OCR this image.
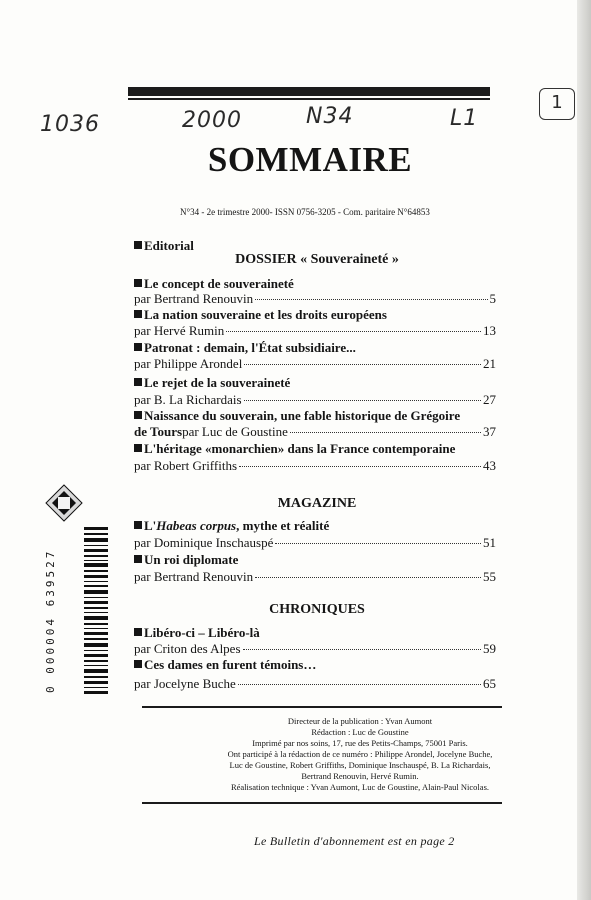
1036	2000	N34	L1
1
SOMMAIRE
N°34 - 2e trimestre 2000- ISSN 0756-3205 - Com. paritaire N°64853
Editorial
DOSSIER « Souveraineté »
Le concept de souveraineté
par Bertrand Renouvin	5
La nation souveraine et les droits européens
par Hervé Rumin	13
Patronat : demain, l'État subsidiaire...
par Philippe Arondel	21
Le rejet de la souveraineté
par B. La Richardais	27
Naissance du souverain, une fable historique de Grégoire
de Tours par Luc de Goustine	37
L'héritage «monarchien» dans la France contemporaine
par Robert Griffiths	43
MAGAZINE
L'Habeas corpus, mythe et réalité
par Dominique Inschauspé	51
Un roi diplomate
par Bertrand Renouvin	55
CHRONIQUES
Libéro-ci – Libéro-là
par Criton des Alpes	59
Ces dames en furent témoins…
par Jocelyne Buche	65
Directeur de la publication : Yvan Aumont
Rédaction : Luc de Goustine
Imprimé par nos soins, 17, rue des Petits-Champs, 75001 Paris.
Ont participé à la rédaction de ce numéro : Philippe Arondel, Jocelyne Buche,
Luc de Goustine, Robert Griffiths, Dominique Inschauspé, B. La Richardais,
Bertrand Renouvin, Hervé Rumin.
Réalisation technique : Yvan Aumont, Luc de Goustine, Alain-Paul Nicolas.
Le Bulletin d'abonnement est en page 2
0 000004 639527
